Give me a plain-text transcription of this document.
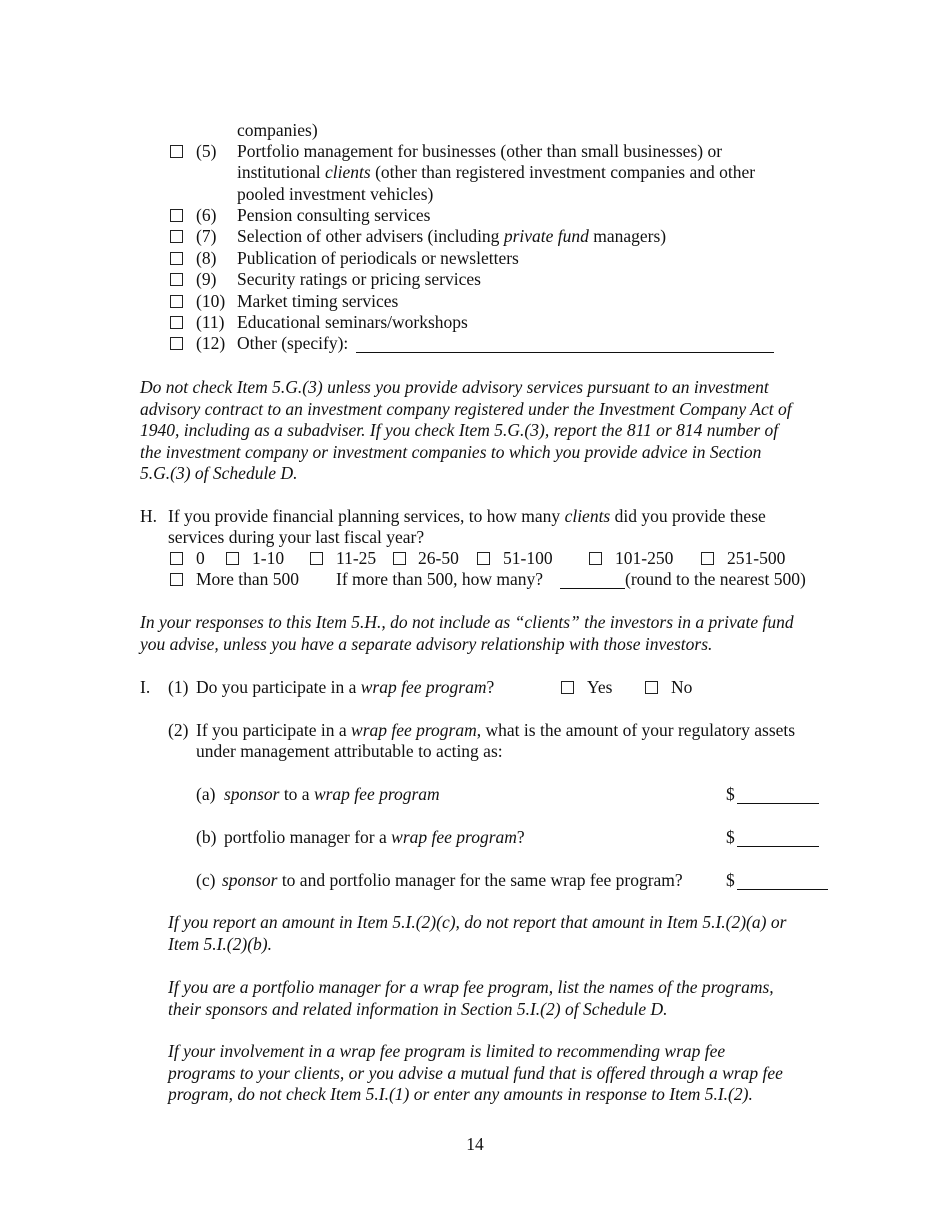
companies)
(5) Portfolio management for businesses (other than small businesses) or
institutional clients (other than registered investment companies and other
pooled investment vehicles)
(6) Pension consulting services
(7) Selection of other advisers (including private fund managers)
(8) Publication of periodicals or newsletters
(9) Security ratings or pricing services
(10) Market timing services
(11) Educational seminars/workshops
(12) Other (specify):
Do not check Item 5.G.(3) unless you provide advisory services pursuant to an investment
advisory contract to an investment company registered under the Investment Company Act of
1940, including as a subadviser. If you check Item 5.G.(3), report the 811 or 814 number of
the investment company or investment companies to which you provide advice in Section
5.G.(3) of Schedule D.
H. If you provide financial planning services, to how many clients did you provide these
services during your last fiscal year?
0	1-10	11-25 26-50	51-100	101-250	251-500
More than 500 If more than 500, how many?	(round to the nearest 500)
In your responses to this Item 5.H., do not include as “clients” the investors in a private fund
you advise, unless you have a separate advisory relationship with those investors.
I. (1) Do you participate in a wrap fee program?	Yes	No
(2) If you participate in a wrap fee program, what is the amount of your regulatory assets
under management attributable to acting as:
(a) sponsor to a wrap fee program	$
(b) portfolio manager for a wrap fee program?	$
(c) sponsor to and portfolio manager for the same wrap fee program? $
If you report an amount in Item 5.I.(2)(c), do not report that amount in Item 5.I.(2)(a) or
Item 5.I.(2)(b).
If you are a portfolio manager for a wrap fee program, list the names of the programs,
their sponsors and related information in Section 5.I.(2) of Schedule D.
If your involvement in a wrap fee program is limited to recommending wrap fee
programs to your clients, or you advise a mutual fund that is offered through a wrap fee
program, do not check Item 5.I.(1) or enter any amounts in response to Item 5.I.(2).
14
